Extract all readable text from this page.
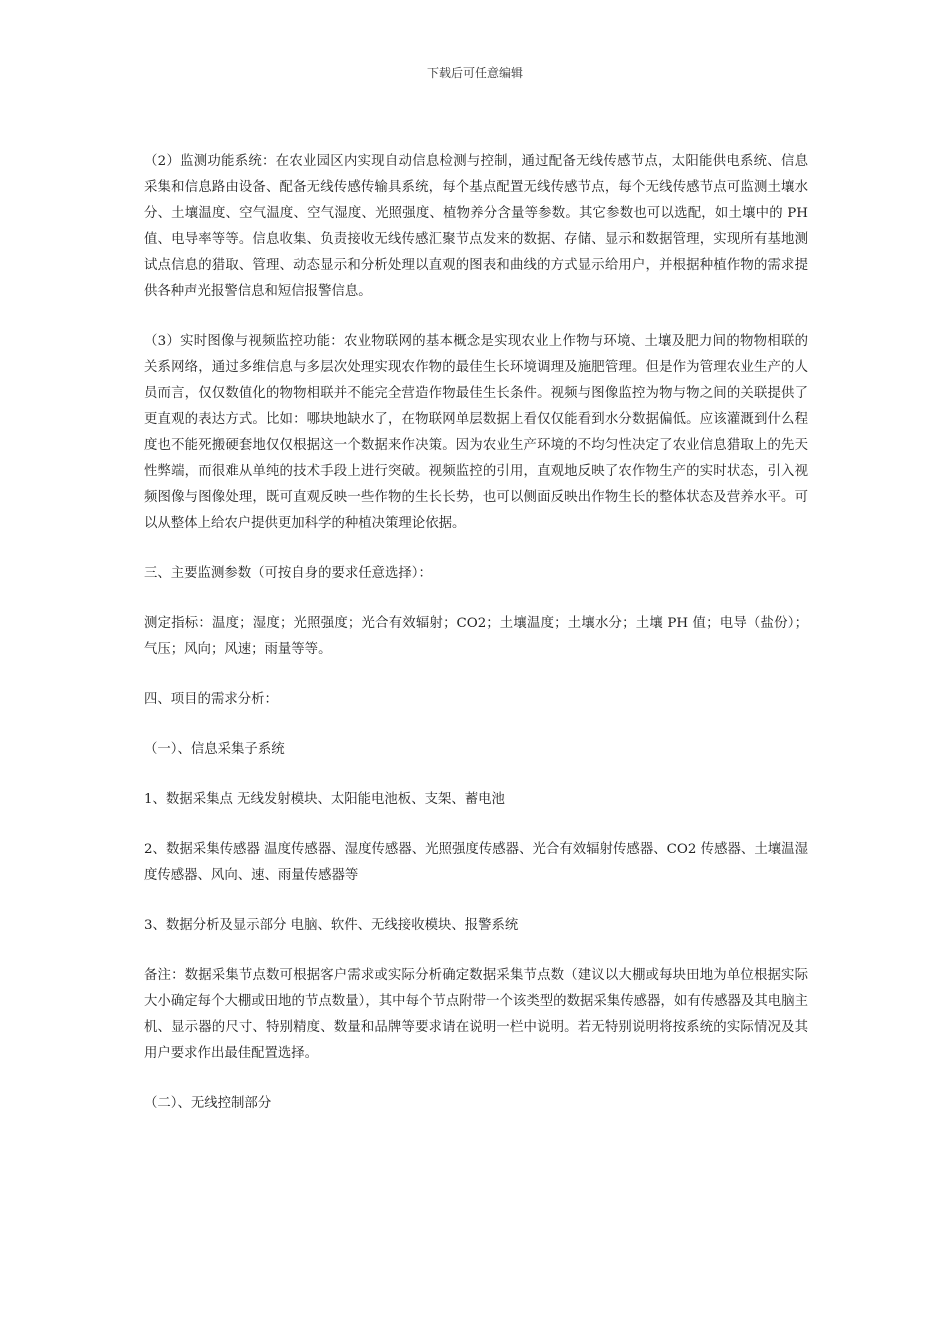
下载后可任意编辑

（2）监测功能系统：在农业园区内实现自动信息检测与控制，通过配备无线传感节点，太阳能供电系统、信息采集和信息路由设备、配备无线传感传输具系统，每个基点配置无线传感节点，每个无线传感节点可监测土壤水分、土壤温度、空气温度、空气湿度、光照强度、植物养分含量等参数。其它参数也可以选配，如土壤中的 PH 值、电导率等等。信息收集、负责接收无线传感汇聚节点发来的数据、存储、显示和数据管理，实现所有基地测试点信息的猎取、管理、动态显示和分析处理以直观的图表和曲线的方式显示给用户，并根据种植作物的需求提供各种声光报警信息和短信报警信息。

（3）实时图像与视频监控功能：农业物联网的基本概念是实现农业上作物与环境、土壤及肥力间的物物相联的关系网络，通过多维信息与多层次处理实现农作物的最佳生长环境调理及施肥管理。但是作为管理农业生产的人员而言，仅仅数值化的物物相联并不能完全营造作物最佳生长条件。视频与图像监控为物与物之间的关联提供了更直观的表达方式。比如：哪块地缺水了，在物联网单层数据上看仅仅能看到水分数据偏低。应该灌溉到什么程度也不能死搬硬套地仅仅根据这一个数据来作决策。因为农业生产环境的不均匀性决定了农业信息猎取上的先天性弊端，而很难从单纯的技术手段上进行突破。视频监控的引用，直观地反映了农作物生产的实时状态，引入视频图像与图像处理，既可直观反映一些作物的生长长势，也可以侧面反映出作物生长的整体状态及营养水平。可以从整体上给农户提供更加科学的种植决策理论依据。

三、主要监测参数（可按自身的要求任意选择）：

测定指标：温度；湿度；光照强度；光合有效辐射；CO2；土壤温度；土壤水分；土壤 PH 值；电导（盐份）；气压；风向；风速；雨量等等。

四、项目的需求分析：

（一）、信息采集子系统

1、数据采集点 无线发射模块、太阳能电池板、支架、蓄电池

2、数据采集传感器 温度传感器、湿度传感器、光照强度传感器、光合有效辐射传感器、CO2 传感器、土壤温湿度传感器、风向、速、雨量传感器等

3、数据分析及显示部分 电脑、软件、无线接收模块、报警系统

备注：数据采集节点数可根据客户需求或实际分析确定数据采集节点数（建议以大棚或每块田地为单位根据实际大小确定每个大棚或田地的节点数量），其中每个节点附带一个该类型的数据采集传感器，如有传感器及其电脑主机、显示器的尺寸、特别精度、数量和品牌等要求请在说明一栏中说明。若无特别说明将按系统的实际情况及其用户要求作出最佳配置选择。

（二）、无线控制部分
